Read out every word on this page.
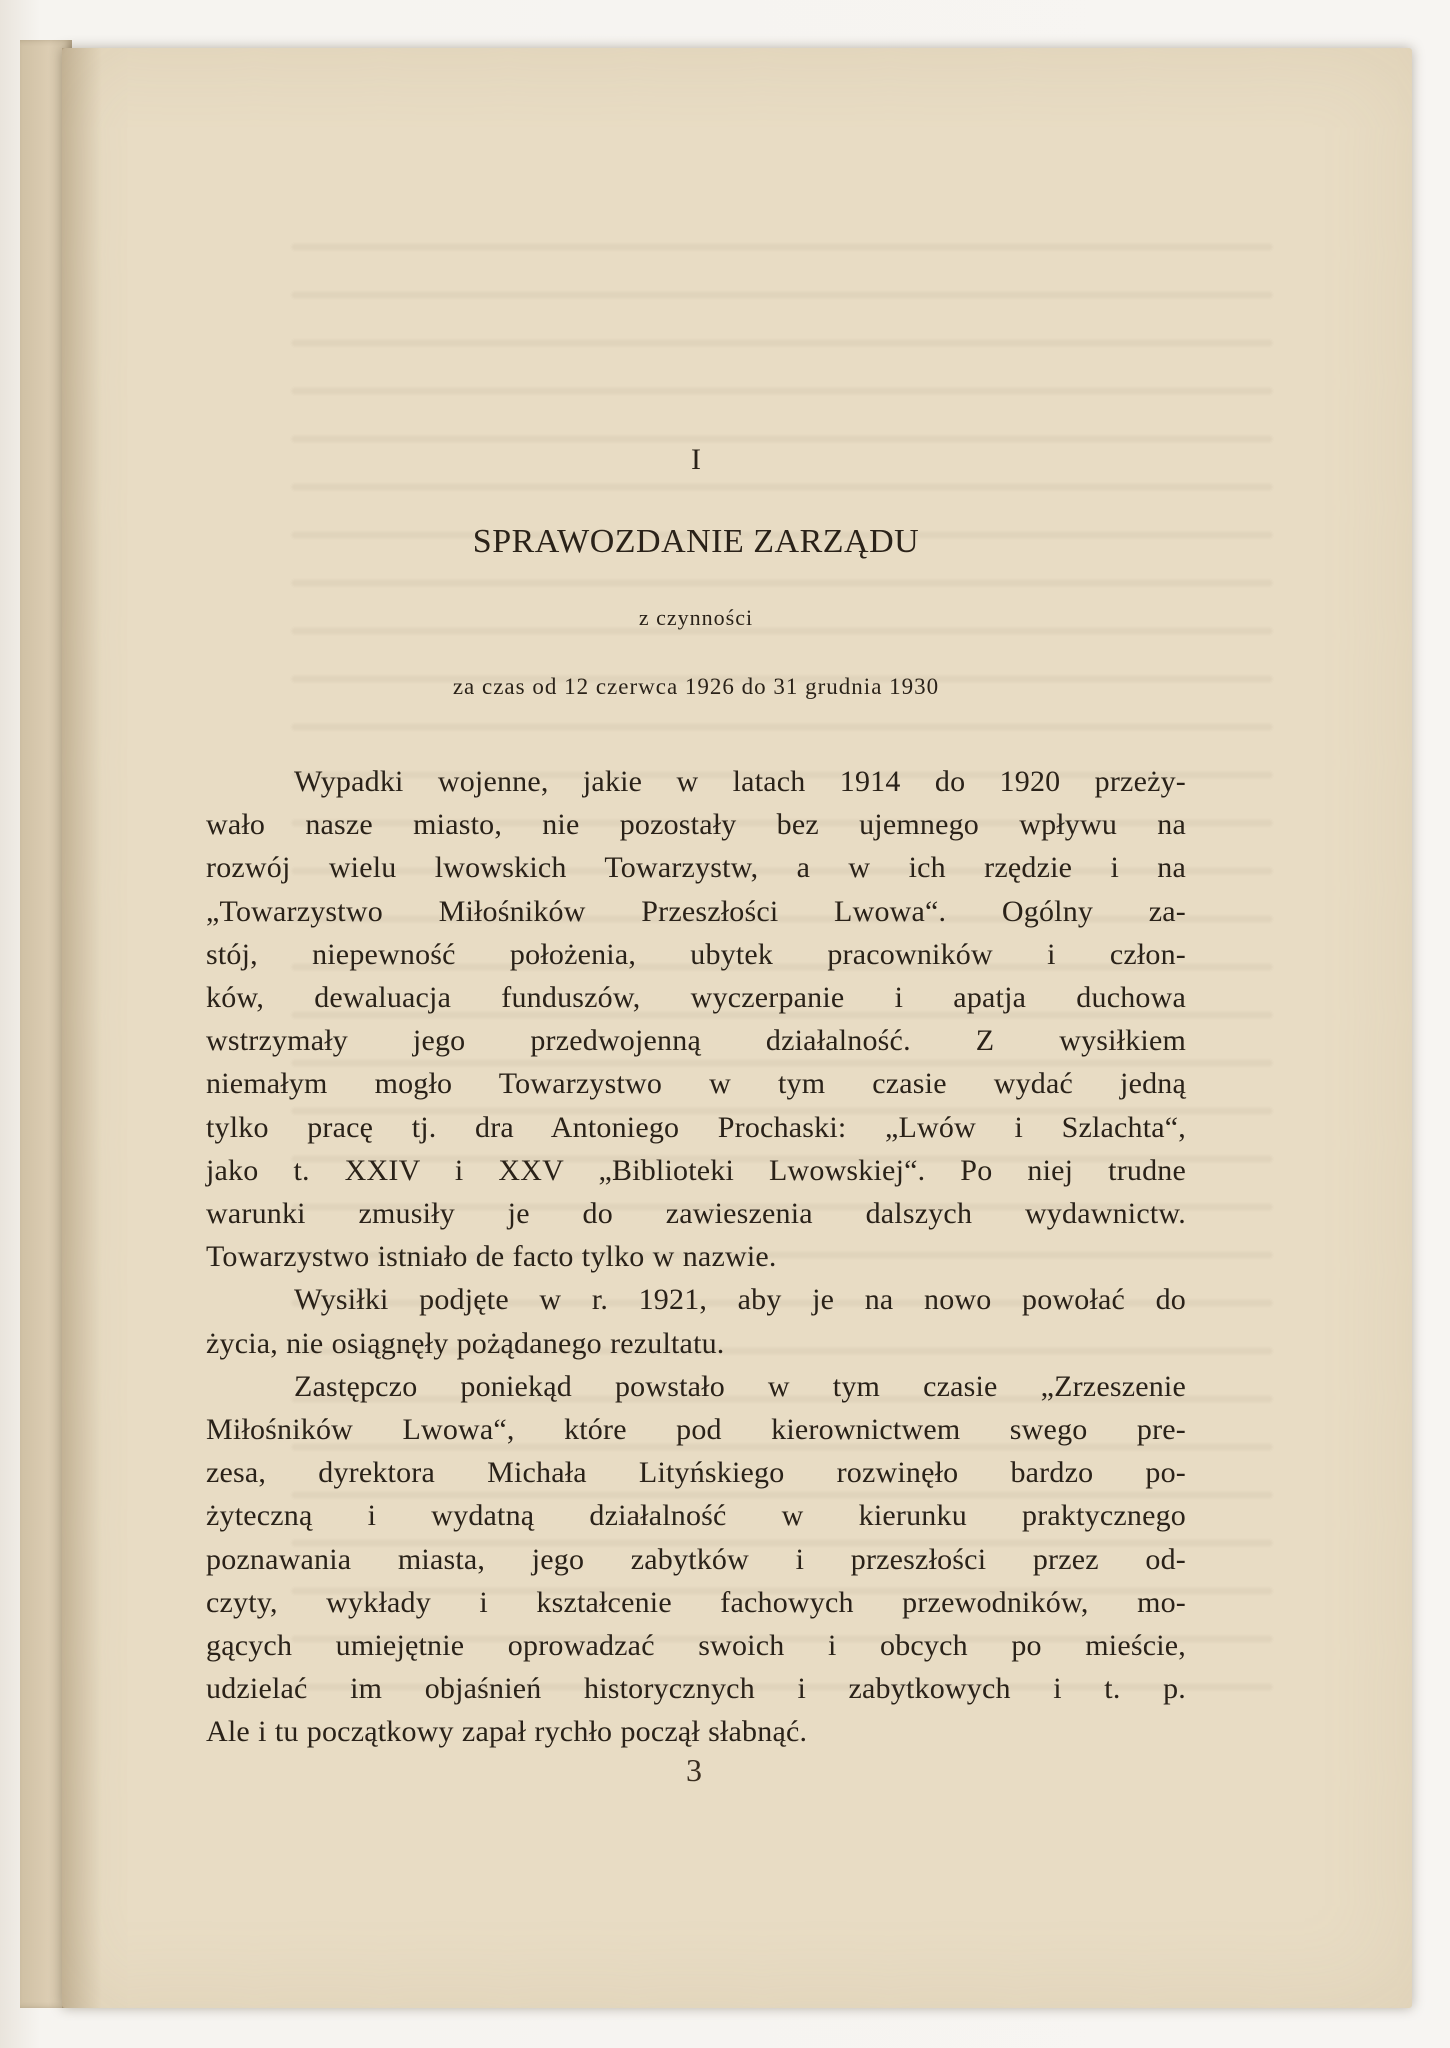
I
SPRAWOZDANIE ZARZĄDU
z czynności
za czas od 12 czerwca 1926 do 31 grudnia 1930

Wypadki wojenne, jakie w latach 1914 do 1920 przeży-
wało nasze miasto, nie pozostały bez ujemnego wpływu na
rozwój wielu lwowskich Towarzystw, a w ich rzędzie i na
„Towarzystwo Miłośników Przeszłości Lwowa“. Ogólny za-
stój, niepewność położenia, ubytek pracowników i człon-
ków, dewaluacja funduszów, wyczerpanie i apatja duchowa
wstrzymały jego przedwojenną działalność. Z wysiłkiem
niemałym mogło Towarzystwo w tym czasie wydać jedną
tylko pracę tj. dra Antoniego Prochaski: „Lwów i Szlachta“,
jako t. XXIV i XXV „Biblioteki Lwowskiej“. Po niej trudne
warunki zmusiły je do zawieszenia dalszych wydawnictw.
Towarzystwo istniało de facto tylko w nazwie.

Wysiłki podjęte w r. 1921, aby je na nowo powołać do
życia, nie osiągnęły pożądanego rezultatu.

Zastępczo poniekąd powstało w tym czasie „Zrzeszenie
Miłośników Lwowa“, które pod kierownictwem swego pre-
zesa, dyrektora Michała Lityńskiego rozwinęło bardzo po-
żyteczną i wydatną działalność w kierunku praktycznego
poznawania miasta, jego zabytków i przeszłości przez od-
czyty, wykłady i kształcenie fachowych przewodników, mo-
gących umiejętnie oprowadzać swoich i obcych po mieście,
udzielać im objaśnień historycznych i zabytkowych i t. p.
Ale i tu początkowy zapał rychło począł słabnąć.

3
